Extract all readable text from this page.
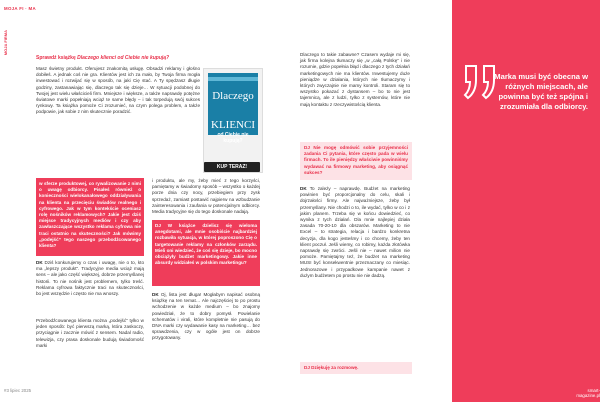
MOJA FI · MA
MOJA FIRMA
Sprawdź książkę Dlaczego klienci od Ciebie nie kupują?
Masz świetny produkt. Oferujesz znakomitą usługę. Obsadzi reklamy i głośno dobiłeś. A jednak coś nie gra. Klientów jest ich za mało, by Twoja firma mogła inwestować i rozwijać się w sposób, na jaki Cię stać. A Ty spędzasz długie godziny, zastanawiając się, dlaczego tak się dzieje… W sytuacji podobnej do Twojej jest wielu właścicieli firm. Mniejsze i większe, a także naprawdę potężne światowe marki popełniają wciąż te same błędy – i tak torpedują swój sukces rynkowy. Ta książka pomoże Ci zrozumieć, na czym polega problem, a także podpowie, jak sobie z nim skutecznie poradzić.
Dlaczego
KLIENCI
od Ciebie nie kupują?
KUP TERAZ!
w sferze produktowej, co rywalizowanie z nimi o uwagę odbiorcy. Pisałeś również o konieczności wielokanałowego oddziaływania na klienta na przecięciu świadów realnego i cyfrowego. Jak w tym kontekście oceniasz rolę nośników reklamowych? Jakie jest dziś miejsce tradycyjnych mediów i czy aby zawłaszczające wszystko reklama cyfrowa nie traci ostatnio na skuteczności? Jak mówimy „podejść” tego naszego przebodźcowanego klienta?
DK Dziś konkurujemy o czas i uwagę, nie o to, kto ma „lepszy produkt”. Tradycyjne media wciąż mają sens – ale jako część większej, dobrze przemyślanej historii. To nie nośnik jest problemem, tylko treść. Reklama cyfrowa faktycznie traci na skuteczności, bo jest wszędzie i często nie ma wnoszy.
Przebodźcowanego klienta można „podejść” tylko w jeden sposób: być pierwszą marką, która zaskoczy, przyciągnie i zacznie mówić z sensem. Nadal radio, telewizja, czy prasa doskonale budują świadomość marki
i produktu, ale my, żeby mieć z tego korzyści, pamiętamy w świadomy sposób – wszystko o każdej porze dnia czy nocy, przebiegiem przy zysk sprzedaż, zamiast postawić najpierw na wzbudzanie zainteresowania i zaufania w potencjalnym odbiorcy. Media tradycyjne się do tego doskonale nadają.
DJ W książce dzielisz się wieloma anegdotami, ale mnie osobiście najbardziej rozbawiła sytuacja, w której poproszono Cię o targetowanie reklamy na członków zarządu. Mieli oni wiedzieć, że coś się dzieje, bo mocno obciążyły budżet marketingowy. Jakie inne absurdy widziałeś w polskim marketingu?
DK Oj, lista jest długa! Mogłabym napisać osobną książkę na ten temat… Ale najczęściej to po prostu wchodzenie w każde medium – bo znajomy powiedział, że to dobry pomysł. Powielanie schematów i virali, które kompletnie nie pasują do DNA marki czy wydawanie kasy na marketing… bez sprawdzenia, czy w ogóle jest on dobrze przygotowany.
Dlaczego to takie zabawne? Czasem wydaje mi się, jak firma kolejna tłumaczy się „w „całą Polskę” i nie rozumie, gdzie popełnia błąd i dlaczego z tych działań marketingowych nie ma klientów. Inwestujemy duże pieniądze w działania, których nie tłumaczymy i których zwyczajnie nie mamy kontroli. Staram się to wszystko pokazać z dystansem – bo to nie jest tajemnicą, ale z ludzi, tylko z systemów, które nie mają kontaktu z rzeczywistością klienta.
DJ Nie mogę odmówić sobie przyjemności zadania Ci pytania, które często pada w wielu firmach. To ile pieniędzy właściwie powinniśmy wydawać na firmowy marketing, aby osiągnąć sukces?
DK To zależy – naprawdę. Budżet na marketing powinien być proporcjonalny do celu, skali i dojrzałości firmy. Ale najważniejsze, żeby był przemyślany. Nie chodzi o to, ile wydać, tylko w co i z jakim planem. Trzeba się w końcu dowiedzieć, co wynika z tych działań. Dla mnie najlepiej działa zasada 70-20-10 dla obszarów. Marketing to nie Excel – to strategia, relacja i bardzo konkretna decyzja, dla kogo jesteśmy i co chcemy, żeby ten klient poczuł. Jeśli wiemy, co robimy, każda złotówka naprawdę się zwróci. Jeśli nie – nawet milion nie pomoże. Pamiętajmy też, że budżet na marketing MUSI być konsekwentnie przeznaczany co miesiąc. Jednorazowe i przypadkowe kampanie nawet z dużym budżetem po prostu nie nie dadzą.
DJ Dziękuję za rozmowę.
Marka musi być obecna w różnych miejscach, ale powinna być też spójna i zrozumiała dla odbiorcy.
#3 lipiec 2025	smart-magazine.pl
